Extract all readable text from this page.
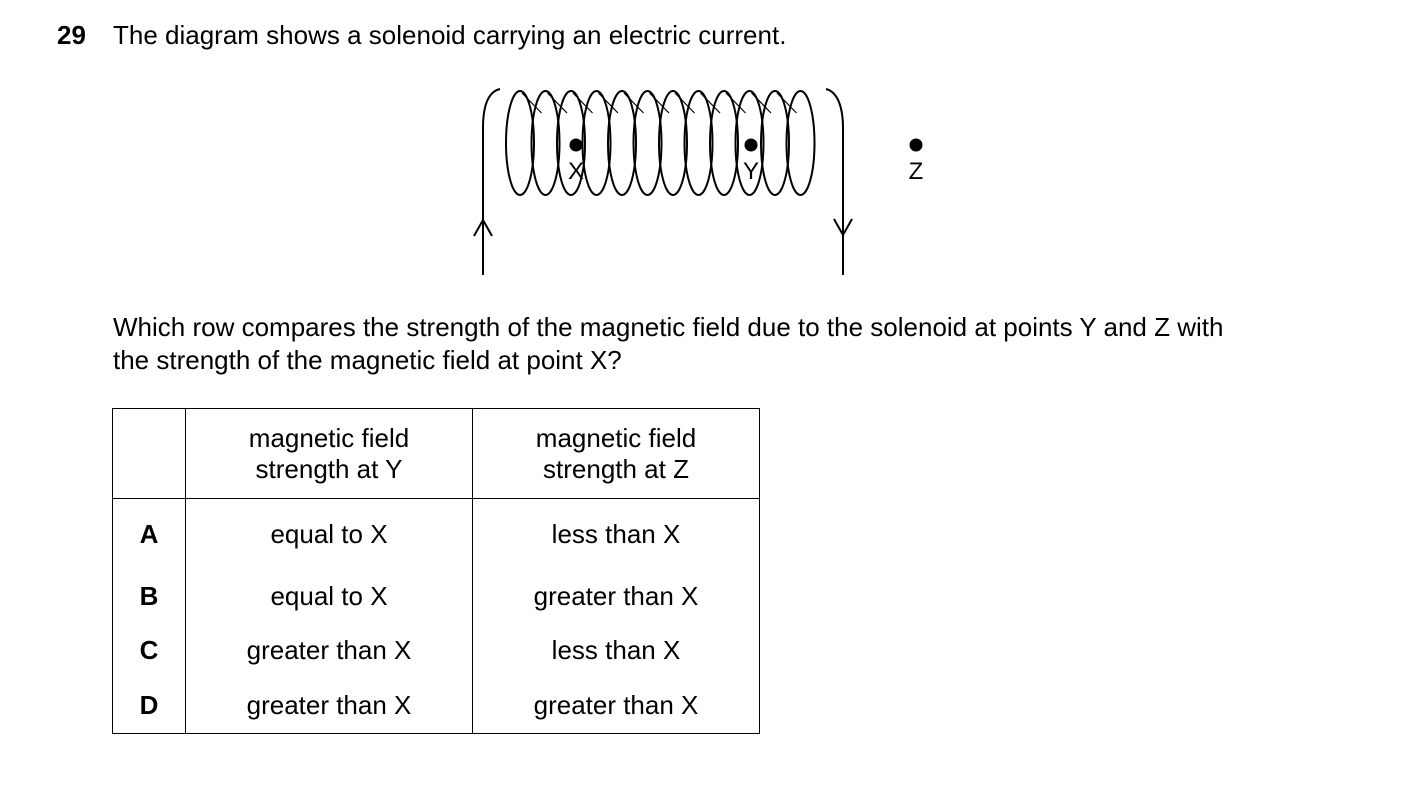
29 The diagram shows a solenoid carrying an electric current.
X	Y	Z
Which row compares the strength of the magnetic field due to the solenoid at points Y and Z with
the strength of the magnetic field at point X?

	magnetic field
strength at Y	magnetic field
strength at Z

A	equal to X	less than X
B	equal to X	greater than X
C	greater than X	less than X
D	greater than X	greater than X
